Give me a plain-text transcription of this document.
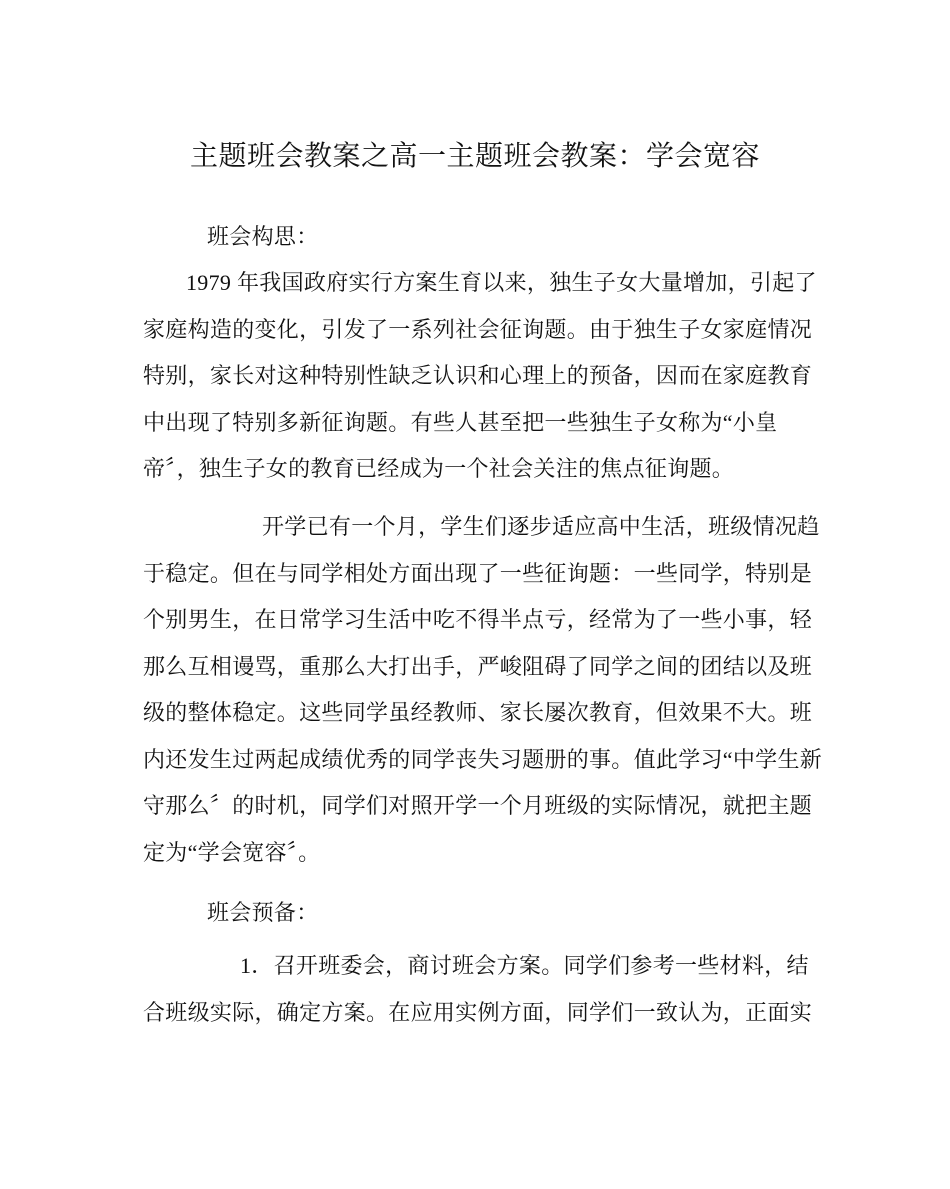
主题班会教案之高一主题班会教案：学会宽容
班会构思：
1979 年我国政府实行方案生育以来，独生子女大量增加，引起了
家庭构造的变化，引发了一系列社会征询题。由于独生子女家庭情况
特别，家长对这种特别性缺乏认识和心理上的预备，因而在家庭教育
中出现了特别多新征询题。有些人甚至把一些独生子女称为“小皇
帝〞，独生子女的教育已经成为一个社会关注的焦点征询题。
开学已有一个月，学生们逐步适应高中生活，班级情况趋
于稳定。但在与同学相处方面出现了一些征询题：一些同学，特别是
个别男生，在日常学习生活中吃不得半点亏，经常为了一些小事，轻
那么互相谩骂，重那么大打出手，严峻阻碍了同学之间的团结以及班
级的整体稳定。这些同学虽经教师、家长屡次教育，但效果不大。班
内还发生过两起成绩优秀的同学丧失习题册的事。值此学习“中学生新
守那么〞的时机，同学们对照开学一个月班级的实际情况，就把主题
定为“学会宽容〞。
班会预备：
1．召开班委会，商讨班会方案。同学们参考一些材料，结
合班级实际，确定方案。在应用实例方面，同学们一致认为，正面实
